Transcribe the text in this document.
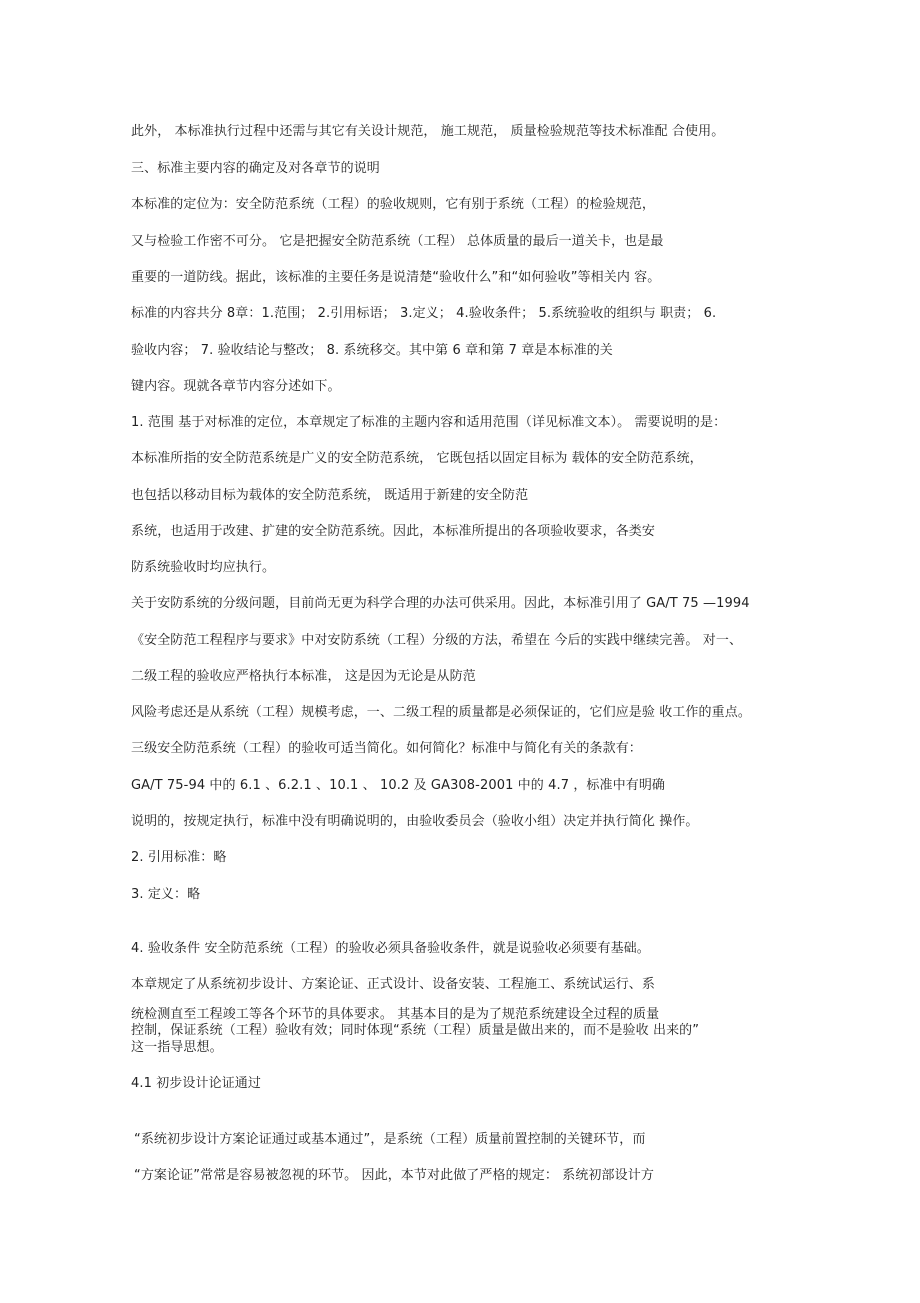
此外， 本标准执行过程中还需与其它有关设计规范， 施工规范， 质量检验规范等技术标准配 合使用。
三、标准主要内容的确定及对各章节的说明
本标准的定位为：安全防范系统（工程）的验收规则，它有别于系统（工程）的检验规范，
又与检验工作密不可分。 它是把握安全防范系统（工程） 总体质量的最后一道关卡，也是最
重要的一道防线。据此，该标准的主要任务是说清楚“验收什么”和“如何验收”等相关内 容。
标准的内容共分 8章：1.范围； 2.引用标语； 3.定义； 4.验收条件； 5.系统验收的组织与 职责； 6.
验收内容； 7. 验收结论与整改； 8. 系统移交。其中第 6 章和第 7 章是本标准的关
键内容。现就各章节内容分述如下。
1. 范围 基于对标准的定位，本章规定了标准的主题内容和适用范围（详见标准文本）。 需要说明的是：
本标准所指的安全防范系统是广义的安全防范系统， 它既包括以固定目标为 载体的安全防范系统，
也包括以移动目标为载体的安全防范系统， 既适用于新建的安全防范
系统，也适用于改建、扩建的安全防范系统。因此，本标准所提出的各项验收要求，各类安
防系统验收时均应执行。
关于安防系统的分级问题，目前尚无更为科学合理的办法可供采用。因此，本标准引用了 GA/T 75 —1994
《安全防范工程程序与要求》中对安防系统（工程）分级的方法，希望在 今后的实践中继续完善。 对一、
二级工程的验收应严格执行本标准， 这是因为无论是从防范
风险考虑还是从系统（工程）规模考虑，一、二级工程的质量都是必须保证的，它们应是验 收工作的重点。
三级安全防范系统（工程）的验收可适当简化。如何简化？标准中与简化有关的条款有：
GA/T 75-94 中的 6.1 、6.2.1 、10.1 、 10.2 及 GA308-2001 中的 4.7 ，标准中有明确
说明的，按规定执行，标准中没有明确说明的，由验收委员会（验收小组）决定并执行简化 操作。
2. 引用标准：略
3. 定义：略
4. 验收条件 安全防范系统（工程）的验收必须具备验收条件，就是说验收必须要有基础。
本章规定了从系统初步设计、方案论证、正式设计、设备安装、工程施工、系统试运行、系
统检测直至工程竣工等各个环节的具体要求。 其基本目的是为了规范系统建设全过程的质量
控制，保证系统（工程）验收有效；同时体现“系统（工程）质量是做出来的，而不是验收 出来的”
这一指导思想。
4.1 初步设计论证通过
“系统初步设计方案论证通过或基本通过”，是系统（工程）质量前置控制的关键环节，而
“方案论证”常常是容易被忽视的环节。 因此，本节对此做了严格的规定： 系统初部设计方
